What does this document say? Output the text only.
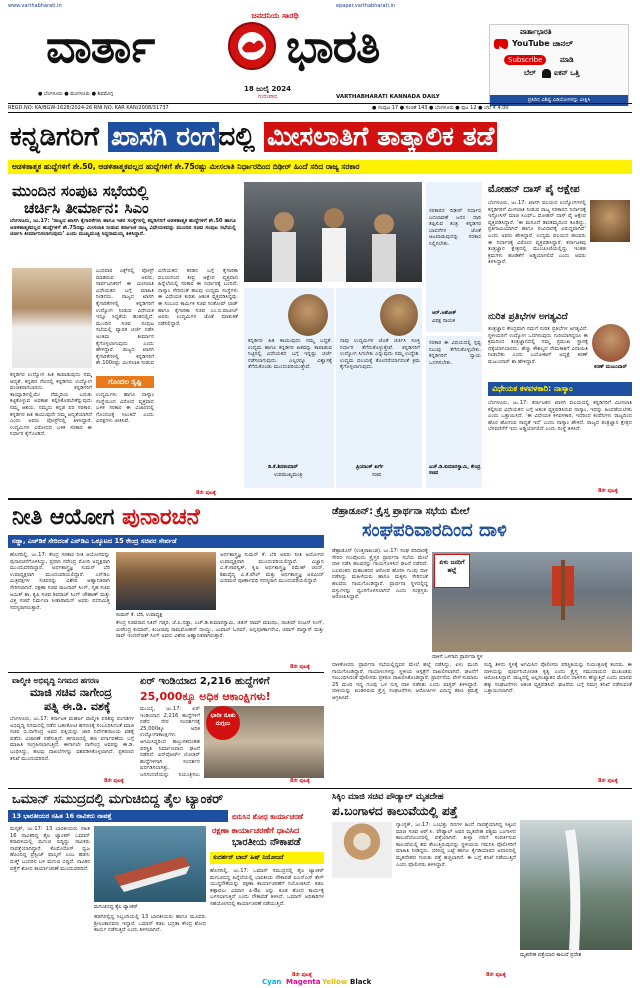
www.varthabharati.in	epaper.varthabharati.in
ಜನದನಿಯ ಸಾರಥಿ
ವಾರ್ತಾ	ಭಾರತಿ
18 ಜುಲೈ 2024
ಗುರುವಾರ
● ಬೆಂಗಳೂರು ● ಮಂಗಳೂರು ● ಶಿವಮೊಗ್ಗ	VARTHABHARATI KANNADA DAILY
ವಾರ್ತಾಭಾರತಿ
YouTube ಚಾನಲ್
Subscribe	ಮಾಡಿ
ಬೆಲ್	ಐಕನ್ ಒತ್ತಿ
ಪ್ರತಿದಿನ ವಿಶಿಷ್ಟ ವಿಡಿಯೋಗಳನ್ನು ವೀಕ್ಷಿಸಿ
REGD.NO: KA/BGW-1628/2024-26 RNI NO. KAR KAN/2008/31737	● ಸಂಪುಟ 17 ● ಸಂಚಿಕೆ 143 ● ಬೆಂಗಳೂರು ● ಪುಟ 12 ● ಬೆಲೆ ₹ 4.00
ಕನ್ನಡಿಗರಿಗೆ ಖಾಸಗಿ ರಂಗ ದಲ್ಲಿ ಮೀಸಲಾತಿಗೆ ತಾತ್ಕಾಲಿಕ ತಡೆ
ಆಡಳಿತಾತ್ಮಕ ಹುದ್ದೆಗಳಿಗೆ ಶೇ.50, ಆಡಳಿತಾತ್ಮಕವಲ್ಲದ ಹುದ್ದೆಗಳಿಗೆ ಶೇ.75ರಷ್ಟು ಮೀಸಲಾತಿ ನಿರ್ಧಾರದಿಂದ ದಿಢೀರ್ ಹಿಂದೆ ಸರಿದ ರಾಜ್ಯ ಸರಕಾರ
ಮುಂದಿನ ಸಂಪುಟ ಸಭೆಯಲ್ಲಿ
ಚರ್ಚಿಸಿ ತೀರ್ಮಾನ: ಸಿಎಂ
ಬೆಂಗಳೂರು, ಜು.17: ‘ರಾಜ್ಯದ ಖಾಸಗಿ ಕೈಗಾರಿಕೆಗಳು ಹಾಗೂ ಇತರ ಸಂಸ್ಥೆಗಳಲ್ಲಿ ಕನ್ನಡಿಗರಿಗೆ ಆಡಳಿತಾತ್ಮಕ ಹುದ್ದೆಗಳಿಗೆ ಶೇ.50 ಹಾಗೂ ಆಡಳಿತಾತ್ಮಕವಲ್ಲದ ಹುದ್ದೆಗಳಿಗೆ ಶೇ.75ರಷ್ಟು ಮೀಸಲಾತಿ ನೀಡುವ ಕರ್ನಾಟಕ ರಾಜ್ಯ ವಿಧೇಯಕವನ್ನು ಮುಂದಿನ ಸಚಿವ ಸಂಪುಟ ಸಭೆಯಲ್ಲಿ ಚರ್ಚಿಸಿ ತೀರ್ಮಾನಿಸಲಾಗುವುದು’ ಎಂದು ಮುಖ್ಯಮಂತ್ರಿ ಸಿದ್ದರಾಮಯ್ಯ ತಿಳಿಸಿದ್ದಾರೆ.
ಬುಧವಾರ ಎಕ್ಸ್‌ನಲ್ಲಿ ಪೋಸ್ಟ್ ಮಾಡಿರುವ ಅವರು, ಸಾರ್ವಜನಿಕರಿಗೆ ಈ ಮೀಸಲಾತಿ ವಿಧೇಯಕದ ಬಗ್ಗೆ ಮಾಹಿತಿ ನೀಡಿದರು. ರಾಜ್ಯದ ಖಾಸಗಿ ಕೈಗಾರಿಕೆಗಳಲ್ಲಿ ಕನ್ನಡಿಗರಿಗೆ ಉದ್ಯೋಗ ನೀಡುವ ವಿಧೇಯಕ ಇನ್ನೂ ಸಿದ್ಧತೆಯ ಹಂತದಲ್ಲಿದೆ. ಮುಂದಿನ ಸಚಿವ ಸಂಪುಟ ಸಭೆಯಲ್ಲಿ ವ್ಯಾಪಕ ಚರ್ಚೆ ನಡೆಸಿ ಅಂತಿಮ ತೀರ್ಮಾನ ಕೈಗೊಳ್ಳಲಾಗುವುದು ಎಂದು ಹೇಳಿದ್ದಾರೆ. ರಾಜ್ಯದ ಖಾಸಗಿ ಕೈಗಾರಿಕೆಗಳಲ್ಲಿ ಕನ್ನಡಿಗರಿಗೆ ಶೇ.100ರಷ್ಟು ಮೀಸಲಾತಿ ನೀಡುವ
ಕನ್ನಡಿಗರ ಉದ್ಯೋಗ ಹಿತ ಕಾಪಾಡುವುದು ನಮ್ಮ ಆದ್ಯತೆ. ಕನ್ನಡದ ನೆಲದಲ್ಲಿ ಕನ್ನಡಿಗರು ಉದ್ಯೋಗ ವಂಚಿತರಾಗಬಾರದು. ಕನ್ನಡಿಗರಿಗೆ ತಾಯ್ನಾಡಿನಲ್ಲಿಯೇ ನೆಮ್ಮದಿಯ ಬದುಕು ಕಟ್ಟಿಕೊಳ್ಳುವ ಅವಕಾಶ ಕಲ್ಪಿಸಿಕೊಡಬೇಕೆನ್ನುವುದು ನಮ್ಮ ಆಶಯ. ನಮ್ಮದು ಕನ್ನಡ ಪರ ಸರಕಾರ. ಕನ್ನಡಿಗರ ಹಿತ ಕಾಯುವುದೇ ನಮ್ಮ ಆದ್ಯತೆಯಾಗಿದೆ ಎಂದು ಅವರು ಪೋಸ್ಟ್‌ನಲ್ಲಿ ತಿಳಿಸಿದ್ದಾರೆ. ಉದ್ಯಮಿಗಳ ವಿರೋಧದ ಬಳಿಕ ಸರಕಾರ ಈ ನಿರ್ಧಾರ ಕೈಗೊಂಡಿದೆ.
ಗೊಂದಲ ಸೃಷ್ಟಿ
ಉದ್ಯಮಿಗಳು ಹಾಗೂ ನಾಸ್ಕಾಂ ಸಂಸ್ಥೆಯಿಂದ ವಿರೋಧ ವ್ಯಕ್ತವಾದ ಬಳಿಕ ಸರಕಾರ ಈ ವಿಚಾರದಲ್ಲಿ ಗೊಂದಲಕ್ಕೆ ಸಿಲುಕಿದೆ ಎಂದು ವಿಪಕ್ಷಗಳು ಟೀಕಿಸಿವೆ.
ವಿಧೇಯಕದ ಕರಡಿನ ಬಗ್ಗೆ ಕೈಗಾರಿಕಾ ವಲಯದಿಂದ ತೀವ್ರ ಆಕ್ಷೇಪ ವ್ಯಕ್ತವಾದ ಹಿನ್ನೆಲೆಯಲ್ಲಿ ಸರಕಾರ ಈ ನಿರ್ಧಾರಕ್ಕೆ ಬಂದಿದೆ. ನಾಸ್ಕಾಂ ಸೇರಿದಂತೆ ಹಲವು ಉದ್ಯಮ ಸಂಸ್ಥೆಗಳು ಈ ವಿಧೇಯಕ ಕುರಿತು ಆತಂಕ ವ್ಯಕ್ತಪಡಿಸಿದ್ದವು. ಈ ಸಂಬಂಧ ಕಾರ್ಮಿಕ ಸಚಿವ ಸಂತೋಷ್ ಲಾಡ್ ಹಾಗೂ ಕೈಗಾರಿಕಾ ಸಚಿವ ಎಂ.ಬಿ.ಪಾಟೀಲ್ ಅವರು ಉದ್ಯಮಿಗಳ ಜೊತೆ ಮಾತುಕತೆ ನಡೆಸಲಿದ್ದಾರೆ.
8ರೇ ಪುಟಕ್ಕೆ
ಕನ್ನಡಿಗರ ಹಿತ ಕಾಯುವುದು ನಮ್ಮ ಬದ್ಧತೆ. ಉದ್ಯಮ ಹಾಗೂ ಕನ್ನಡಿಗರ ಹಿತವನ್ನು ಕಾಪಾಡುವ ನಿಟ್ಟಿನಲ್ಲಿ ವಿಧೇಯಕದ ಬಗ್ಗೆ ಇನ್ನಷ್ಟು ಚರ್ಚೆ ನಡೆಸಲಾಗುವುದು. ಎಲ್ಲರನ್ನೂ ವಿಶ್ವಾಸಕ್ಕೆ ತೆಗೆದುಕೊಂಡು ಮುಂದುವರಿಯುತ್ತೇವೆ.
ಡಿ.ಕೆ.ಶಿವಕುಮಾರ್
ಉಪಮುಖ್ಯಮಂತ್ರಿ
ನಾವು ಉದ್ಯಮಿಗಳ ಜೊತೆ ಚರ್ಚಿಸಿ ಸೂಕ್ತ ನಿರ್ಧಾರ ತೆಗೆದುಕೊಳ್ಳುತ್ತೇವೆ. ಕನ್ನಡಿಗರಿಗೆ ಉದ್ಯೋಗ ಸಿಗಬೇಕು ಎನ್ನುವುದು ನಮ್ಮ ಉದ್ದೇಶ. ಉದ್ಯಮ ವಲಯಕ್ಕೆ ತೊಂದರೆಯಾಗದಂತೆ ಕ್ರಮ ಕೈಗೊಳ್ಳಲಾಗುವುದು.
ಪ್ರಿಯಾಂಕ್ ಖರ್ಗೆ
ಸಚಿವ
ಸರಕಾರದ ದಿಢೀರ್ ನಿರ್ಧಾರ ಬದಲಾವಣೆ ಜನರ ದಾರಿ ತಪ್ಪಿಸುವ ತಂತ್ರ. ಕನ್ನಡಿಗರ ಭಾವನೆಗಳ ಜೊತೆ ಆಟವಾಡುವುದನ್ನು ಸರಕಾರ ನಿಲ್ಲಿಸಬೇಕು.
ಆರ್.ಅಶೋಕ್
ವಿಪಕ್ಷ ನಾಯಕ
ಸರಕಾರ ಈ ವಿಷಯದಲ್ಲಿ ಸ್ಪಷ್ಟ ನಿಲುವು ತೆಗೆದುಕೊಳ್ಳಬೇಕು. ಕನ್ನಡಿಗರಿಗೆ ನ್ಯಾಯ ಒದಗಿಸಬೇಕು.
ಎಚ್.ಡಿ.ಕುಮಾರಸ್ವಾಮಿ, ಕೇಂದ್ರ ಸಚಿವ
ಮೋಹನ್ ದಾಸ್ ಪೈ ಆಕ್ಷೇಪ
ಬೆಂಗಳೂರು, ಜು.17: ಖಾಸಗಿ ವಲಯದ ಉದ್ಯೋಗಗಳಲ್ಲಿ ಕನ್ನಡಿಗರಿಗೆ ಮೀಸಲಾತಿ ನೀಡುವ ರಾಜ್ಯ ಸರಕಾರದ ನಿರ್ಧಾರಕ್ಕೆ ಇನ್ಫೋಸಿಸ್ ಮಾಜಿ ಸಿಎಫ್‌ಒ ಮೋಹನ್ ದಾಸ್ ಪೈ ಆಕ್ಷೇಪ ವ್ಯಕ್ತಪಡಿಸಿದ್ದಾರೆ. ‘ಈ ಮಸೂದೆ ತಾರತಮ್ಯದಿಂದ ಕೂಡಿದ್ದು, ಪ್ರತಿಗಾಮಿಯಾಗಿದೆ ಹಾಗೂ ಸಂವಿಧಾನಕ್ಕೆ ವಿರುದ್ಧವಾಗಿದೆ’ ಎಂದು ಅವರು ಹೇಳಿದ್ದಾರೆ. ಉದ್ಯಮ ವಲಯದ ಹಲವರು ಈ ನಿರ್ಧಾರಕ್ಕೆ ವಿರೋಧ ವ್ಯಕ್ತಪಡಿಸಿದ್ದಾರೆ. ಕರ್ನಾಟಕವು ತಂತ್ರಜ್ಞಾನ ಕ್ಷೇತ್ರದಲ್ಲಿ ಮುಂಚೂಣಿಯಲ್ಲಿದ್ದು ಇಂತಹ ಕ್ರಮಗಳು ಹೂಡಿಕೆಗೆ ಅಡ್ಡಿಯಾಗಲಿವೆ ಎಂದು ಅವರು ತಿಳಿಸಿದ್ದಾರೆ.
ನುರಿತ ಪ್ರತಿಭೆಗಳ ಅಗತ್ಯವಿದೆ
ಕಿರಣ್ ಮಜುಂದಾರ್
ತಂತ್ರಜ್ಞಾನ ಕೇಂದ್ರವಾಗಿ ನಮಗೆ ನುರಿತ ಪ್ರತಿಭೆಗಳ ಅಗತ್ಯವಿದೆ. ಸ್ಥಳೀಯರಿಗೆ ಉದ್ಯೋಗ ಒದಗಿಸುವುದು ಗುರಿಯಾಗಿದ್ದರೂ ಈ ಕ್ರಮದಿಂದ ತಂತ್ರಜ್ಞಾನದಲ್ಲಿ ನಮ್ಮ ಪ್ರಮುಖ ಸ್ಥಾನಕ್ಕೆ ಧಕ್ಕೆಯಾಗಬಾರದು. ಹೆಚ್ಚು ಕೌಶಲ್ಯದ ನೇಮಕಾತಿಗೆ ವಿನಾಯಿತಿ ನೀಡಬೇಕು ಎಂದು ಬಯೋಕಾನ್ ಅಧ್ಯಕ್ಷೆ ಕಿರಣ್ ಮಜುಂದಾರ್ ಶಾ ಹೇಳಿದ್ದಾರೆ.
ವಿಧೇಯಕ ಕಳವಳಕಾರಿ: ನಾಸ್ಕಾಂ
ಬೆಂಗಳೂರು, ಜು.17: ಕರ್ನಾಟಕದ ಖಾಸಗಿ ವಲಯದಲ್ಲಿ ಕನ್ನಡಿಗರಿಗೆ ಮೀಸಲಾತಿ ಕಲ್ಪಿಸುವ ವಿಧೇಯಕದ ಬಗ್ಗೆ ಆತಂಕ ವ್ಯಕ್ತಪಡಿಸಿರುವ ನಾಸ್ಕಾಂ, ಇದನ್ನು ಹಿಂಪಡೆಯಬೇಕು ಎಂದು ಒತ್ತಾಯಿಸಿದೆ. ‘ಈ ವಿಧೇಯಕ ಕಳವಳಕಾರಿ, ಇದರಿಂದ ಕಂಪೆನಿಗಳು ರಾಜ್ಯದಿಂದ ಹೊರ ಹೋಗುವ ಸಾಧ್ಯತೆ ಇದೆ’ ಎಂದು ನಾಸ್ಕಾಂ ಹೇಳಿದೆ. ರಾಜ್ಯದ ತಂತ್ರಜ್ಞಾನ ಕ್ಷೇತ್ರದ ಬೆಳವಣಿಗೆಗೆ ಇದು ಅಡ್ಡಿಯಾಗಲಿದೆ ಎಂದು ಸಂಸ್ಥೆ ತಿಳಿಸಿದೆ.
8ರೇ ಪುಟಕ್ಕೆ
ನೀತಿ ಆಯೋಗ ಪುನಾರಚನೆ
ನಡ್ಡಾ, ಎಚ್‌ಡಿಕೆ ಸೇರಿದಂತೆ ಎನ್‌ಡಿಎ ಒಕ್ಕೂಟದ 15 ಕೇಂದ್ರ ಸಚಿವರ ಸೇರ್ಪಡೆ
ಹೊಸದಿಲ್ಲಿ, ಜು.17: ಕೇಂದ್ರ ಸರಕಾರ ನೀತಿ ಆಯೋಗವನ್ನು ಪುನಾರಚನೆಗೊಳಿಸಿದ್ದು, ಪ್ರಧಾನಿ ನರೇಂದ್ರ ಮೋದಿ ಅಧ್ಯಕ್ಷರಾಗಿ ಮುಂದುವರಿದಿದ್ದಾರೆ. ಅರ್ಥಶಾಸ್ತ್ರಜ್ಞ ಸುಮನ್ ಬೆರಿ ಉಪಾಧ್ಯಕ್ಷರಾಗಿ ಮುಂದುವರಿಯಲಿದ್ದಾರೆ. ಎನ್‌ಡಿಎ ಮಿತ್ರಪಕ್ಷಗಳ ಸಚಿವರನ್ನು ವಿಶೇಷ ಆಹ್ವಾನಿತರಾಗಿ ಸೇರಿಸಲಾಗಿದೆ. ರಕ್ಷಣಾ ಸಚಿವ ರಾಜನಾಥ್ ಸಿಂಗ್, ಗೃಹ ಸಚಿವ ಅಮಿತ್ ಶಾ, ಕೃಷಿ ಸಚಿವ ಶಿವರಾಜ್ ಸಿಂಗ್ ಚೌಹಾಣ್ ಮತ್ತು ವಿತ್ತ ಸಚಿವೆ ನಿರ್ಮಲಾ ಸೀತಾರಾಮನ್ ಅವರು ಪದನಿಮಿತ್ತ ಸದಸ್ಯರಾಗಿರುತ್ತಾರೆ.
ಸುಮನ್ ಕೆ. ಬೆರಿ, ಉಪಾಧ್ಯಕ್ಷ
ಅರ್ಥಶಾಸ್ತ್ರಜ್ಞ ಸುಮನ್ ಕೆ. ಬೆರಿ ಅವರು ನೀತಿ ಆಯೋಗದ ಉಪಾಧ್ಯಕ್ಷರಾಗಿ ಮುಂದುವರಿಯಲಿದ್ದಾರೆ. ವಿಜ್ಞಾನಿ ವಿ.ಕೆ.ಸಾರಸ್ವತ್, ಕೃಷಿ ಅರ್ಥಶಾಸ್ತ್ರಜ್ಞ ರಮೇಶ್ ಚಂದ್, ಶಿಶುವೈದ್ಯ ವಿ.ಕೆ.ಪೌಲ್ ಮತ್ತು ಅರ್ಥಶಾಸ್ತ್ರಜ್ಞ ಅರವಿಂದ್ ವೀರಮಣಿ ಪೂರ್ಣಾವಧಿ ಸದಸ್ಯರಾಗಿ ಮುಂದುವರಿಯಲಿದ್ದಾರೆ.
ಕೇಂದ್ರ ಸಚಿವರಾದ ನಿತಿನ್ ಗಡ್ಕರಿ, ಜೆ.ಪಿ.ನಡ್ಡಾ, ಎಚ್.ಡಿ.ಕುಮಾರಸ್ವಾಮಿ, ಜಿತನ್ ರಾಮ್ ಮಾಂಝಿ, ರಾಜೀವ್ ರಂಜನ್ ಸಿಂಗ್, ವೀರೇಂದ್ರ ಕುಮಾರ್, ಕಿಂಜರಾಪು ರಾಮಮೋಹನ್ ನಾಯ್ಡು, ಜುವಾಲ್ ಓರಮ್, ಅನ್ನಪೂರ್ಣಾದೇವಿ, ಚಿರಾಗ್ ಪಾಸ್ವಾನ್ ಮತ್ತು ರಾವ್ ಇಂದರ್‌ಜಿತ್ ಸಿಂಗ್ ಅವರು ವಿಶೇಷ ಆಹ್ವಾನಿತರಾಗಿರುತ್ತಾರೆ.
8ರೇ ಪುಟಕ್ಕೆ
ವಾಲ್ಮೀಕಿ ಅಭಿವೃದ್ಧಿ ನಿಗಮದ ಹಗರಣ
ಮಾಜಿ ಸಚಿವ ನಾಗೇಂದ್ರ
ಪತ್ನಿ ಈ.ಡಿ. ವಶಕ್ಕೆ
ಬೆಂಗಳೂರು, ಜು.17: ಕರ್ನಾಟಕ ಮಹರ್ಷಿ ವಾಲ್ಮೀಕಿ ಪರಿಶಿಷ್ಟ ಪಂಗಡಗಳ ಅಭಿವೃದ್ಧಿ ನಿಗಮದಲ್ಲಿ ನಡೆದ ಬಹುಕೋಟಿ ಹಗರಣಕ್ಕೆ ಸಂಬಂಧಿಸಿದಂತೆ ಮಾಜಿ ಸಚಿವ ಬಿ.ನಾಗೇಂದ್ರ ಅವರ ಪತ್ನಿಯನ್ನು ಜಾರಿ ನಿರ್ದೇಶನಾಲಯ ವಶಕ್ಕೆ ಪಡೆದು ವಿಚಾರಣೆ ನಡೆಸುತ್ತಿದೆ. ಹಗರಣದಲ್ಲಿ ಹಣ ವರ್ಗಾವಣೆಯ ಬಗ್ಗೆ ಮಾಹಿತಿ ಸಂಗ್ರಹಿಸಲಾಗುತ್ತಿದೆ. ಈಗಾಗಲೇ ನಾಗೇಂದ್ರ ಅವರನ್ನು ಈ.ಡಿ. ಬಂಧಿಸಿದ್ದು, ಹಲವು ದಾಖಲೆಗಳನ್ನು ವಶಪಡಿಸಿಕೊಳ್ಳಲಾಗಿದೆ. ಪ್ರಕರಣದ ತನಿಖೆ ಮುಂದುವರಿದಿದೆ.
8ರೇ ಪುಟಕ್ಕೆ
ಏರ್ ಇಂಡಿಯಾದ 2,216 ಹುದ್ದೆಗಳಿಗೆ
25,000ಕ್ಕೂ ಅಧಿಕ ಆಕಾಂಕ್ಷಿಗಳು!
ಮುಂಬೈ, ಜು.17: ಏರ್ ಇಂಡಿಯಾದ 2,216 ಹುದ್ದೆಗಳಿಗೆ ನಡೆದ ನೇರ ಸಂದರ್ಶನಕ್ಕೆ 25,000ಕ್ಕೂ ಅಧಿಕ ಉದ್ಯೋಗಾಕಾಂಕ್ಷಿಗಳು ಆಗಮಿಸಿದ್ದರಿಂದ ಕಾಲ್ತುಳಿತದಂತಹ ಪರಿಸ್ಥಿತಿ ನಿರ್ಮಾಣವಾದ ಘಟನೆ ನಡೆದಿದೆ. ಏರ್‌ಪೋರ್ಟ್ ಲೋಡರ್ ಹುದ್ದೆಗಳಿಗಾಗಿ ಸಂದರ್ಶನ ಏರ್ಪಡಿಸಲಾಗಿತ್ತು. ಜನಸಂದಣಿಯನ್ನು ನಿಯಂತ್ರಿಸಲು
ಭಾರೀ ನೂಕು ನುಗ್ಗಲು
8ರೇ ಪುಟಕ್ಕೆ
ಡೆಹ್ರಾಡೂನ್: ಕ್ರೈಸ್ತ ಪ್ರಾರ್ಥನಾ ಸಭೆಯ ಮೇಲೆ
ಸಂಘಪರಿವಾರದಿಂದ ದಾಳಿ
ಡೆಹ್ರಾಡೂನ್ (ಉತ್ತರಾಖಂಡ), ಜು.17: ಸಂಘ ಪರಿವಾರಕ್ಕೆ ಸೇರಿದ ಗುಂಪೊಂದು ಕ್ರೈಸ್ತರ ಪ್ರಾರ್ಥನಾ ಸಭೆಯ ಮೇಲೆ ದಾಳಿ ನಡೆಸಿ ಹಲವರನ್ನು ಗಾಯಗೊಳಿಸಿದ ಘಟನೆ ನಡೆದಿದೆ. ಬಲವಂತದ ಮತಾಂತರದ ಆರೋಪ ಹೊರಿಸಿ ಗುಂಪು ದಾಳಿ ನಡೆಸಿದ್ದು ಮಹಿಳೆಯರು ಹಾಗೂ ಮಕ್ಕಳು ಸೇರಿದಂತೆ ಹಲವರು ಗಾಯಗೊಂಡಿದ್ದಾರೆ. ಪ್ರಾರ್ಥನಾ ಸ್ಥಳದಲ್ಲಿದ್ದ ವಸ್ತುಗಳನ್ನು ಧ್ವಂಸಗೊಳಿಸಲಾಗಿದೆ ಎಂದು ಸಂತ್ರಸ್ತರು ಆರೋಪಿಸಿದ್ದಾರೆ.
ಏಳು ಜನರಿಗೆ ಹಲ್ಲೆ
ದಾಳಿಗೆ ಒಳಗಾದ ಪ್ರಾರ್ಥನಾ ಸ್ಥಳ
ದಾಳಿಕೋರರು ಪ್ರಾರ್ಥನಾ ಸಭೆಯಲ್ಲಿದ್ದವರ ಮೇಲೆ ಹಲ್ಲೆ ನಡೆಸಿದ್ದು, ಏಳು ಮಂದಿ ಗಾಯಗೊಂಡಿದ್ದಾರೆ. ಗಾಯಾಳುಗಳನ್ನು ಸ್ಥಳೀಯ ಆಸ್ಪತ್ರೆಗೆ ದಾಖಲಿಸಲಾಗಿದೆ. ಘಟನೆಗೆ ಸಂಬಂಧಿಸಿದಂತೆ ಪೊಲೀಸರು ಪ್ರಕರಣ ದಾಖಲಿಸಿಕೊಂಡಿದ್ದಾರೆ. ಪ್ರಾರ್ಥನೆಯ ವೇಳೆ ಸುಮಾರು 25 ಮಂದಿ ಇದ್ದ ಗುಂಪು ಒಳ ನುಗ್ಗಿ ದಾಳಿ ನಡೆಸಿತು ಎಂದು ಪಾಸ್ಟರ್ ತಿಳಿಸಿದ್ದಾರೆ. ದಾಳಿಯನ್ನು ಖಂಡಿಸಿರುವ ಕ್ರೈಸ್ತ ಸಂಘಟನೆಗಳು ಆರೋಪಿಗಳ ವಿರುದ್ಧ ಕಠಿಣ ಕ್ರಮಕ್ಕೆ ಆಗ್ರಹಿಸಿವೆ.
ಸುದ್ದಿ ತಿಳಿದು ಸ್ಥಳಕ್ಕೆ ಆಗಮಿಸಿದ ಪೊಲೀಸರು ಪರಿಸ್ಥಿತಿಯನ್ನು ನಿಯಂತ್ರಣಕ್ಕೆ ತಂದರು. ಈ ದಾಳಿಯನ್ನು ಪೂರ್ವನಿಯೋಜಿತ ಕೃತ್ಯ ಎಂದು ಕ್ರೈಸ್ತ ಸಮುದಾಯದ ಮುಖಂಡರು ಆರೋಪಿಸಿದ್ದಾರೆ. ರಾಜ್ಯದಲ್ಲಿ ಅಲ್ಪಸಂಖ್ಯಾತರ ಮೇಲಿನ ದಾಳಿಗಳು ಹೆಚ್ಚುತ್ತಿವೆ ಎಂದು ಮಾನವ ಹಕ್ಕು ಸಂಘಟನೆಗಳು ಆತಂಕ ವ್ಯಕ್ತಪಡಿಸಿವೆ. ಘಟನೆಯ ಬಗ್ಗೆ ಸಮಗ್ರ ತನಿಖೆ ನಡೆಸುವಂತೆ ಒತ್ತಾಯಿಸಲಾಗಿದೆ.
8ರೇ ಪುಟಕ್ಕೆ
ಒಮಾನ್ ಸಮುದ್ರದಲ್ಲಿ ಮಗುಚಿಬಿದ್ದ ತೈಲ ಟ್ಯಾಂಕರ್
13 ಭಾರತೀಯರ ಸಹಿತ 16 ನಾವಿಕರು ನಾಪತ್ತೆ	ಬಿರುಸಿನ ಶೋಧ ಕಾರ್ಯಾಚರಣೆ
ಮಸ್ಕತ್, ಜು.17: 13 ಭಾರತೀಯರು ಸಹಿತ 16 ನಾವಿಕರಿದ್ದ ತೈಲ ಟ್ಯಾಂಕರ್ ಒಮಾನ್ ಕರಾವಳಿಯಲ್ಲಿ ಮಗುಚಿ ಬಿದ್ದಿದ್ದು ನಾವಿಕರು ನಾಪತ್ತೆಯಾಗಿದ್ದಾರೆ. ಕೊಮೊರೊಸ್ ಧ್ವಜ ಹೊಂದಿದ್ದ ಪ್ರೆಸ್ಟೀಜ್ ಫಾಲ್ಕನ್ ಎಂಬ ಹಡಗು ದುಕ್ಮ್ ಬಂದರಿನ ಬಳಿ ಮಗುಚಿ ಬಿದ್ದಿದೆ. ನಾವಿಕರ ಪತ್ತೆಗೆ ಶೋಧ ಕಾರ್ಯಾಚರಣೆ ಮುಂದುವರಿದಿದೆ.
ಮಗುಚಿಬಿದ್ದ ತೈಲ ಟ್ಯಾಂಕರ್
ಹಡಗಿನಲ್ಲಿದ್ದ ಸಿಬ್ಬಂದಿಯಲ್ಲಿ 13 ಭಾರತೀಯರು ಹಾಗೂ ಮೂವರು ಶ್ರೀಲಂಕಾದವರು ಇದ್ದಾರೆ. ಒಮಾನ್ ಕಡಲ ಭದ್ರತಾ ಕೇಂದ್ರ ಶೋಧ ಕಾರ್ಯ ನಡೆಸುತ್ತಿದೆ ಎಂದು ತಿಳಿಸಲಾಗಿದೆ.
ರಕ್ಷಣಾ ಕಾರ್ಯಾಚರಣೆಗೆ ಧಾವಿಸಿದ
ಭಾರತೀಯ ನೌಕಾಪಡೆ
ಸುದರ್ಶನ್ ಬಾಬ್ ಹಿಷ್ ನಿಯೋಜನೆ
ಹೊಸದಿಲ್ಲಿ, ಜು.17: ಒಮಾನ್ ಸಮುದ್ರದಲ್ಲಿ ತೈಲ ಟ್ಯಾಂಕರ್ ಮಗುಚಿಬಿದ್ದ ಹಿನ್ನೆಲೆಯಲ್ಲಿ ಭಾರತೀಯ ನೌಕಾಪಡೆ ಐಎನ್‌ಎಸ್ ತೇಗ್ ಯುದ್ಧನೌಕೆಯನ್ನು ರಕ್ಷಣಾ ಕಾರ್ಯಾಚರಣೆಗೆ ನಿಯೋಜಿಸಿದೆ. ಕಡಲ ಕಣ್ಗಾವಲು ವಿಮಾನ ಪಿ-8ಐ ಅನ್ನು ಕೂಡ ಶೋಧ ಕಾರ್ಯಕ್ಕೆ ಬಳಸಲಾಗುತ್ತಿದೆ ಎಂದು ನೌಕಾಪಡೆ ತಿಳಿಸಿದೆ. ಒಮಾನ್ ಅಧಿಕಾರಿಗಳ ಸಹಯೋಗದಲ್ಲಿ ಕಾರ್ಯಾಚರಣೆ ನಡೆಯುತ್ತಿದೆ.
8ರೇ ಪುಟಕ್ಕೆ
ಸಿಕ್ಕಿಂ ಮಾಜಿ ಸಚಿವ ಪೌಡ್ಯಾಲ್ ಮೃತದೇಹ
ಪ.ಬಂಗಾಳದ ಕಾಲುವೆಯಲ್ಲಿ ಪತ್ತೆ
ಗ್ಯಾಂಗ್ಟಕ್, ಜು.17: ಒಂಭತ್ತು ದಿನಗಳ ಹಿಂದೆ ನಾಪತ್ತೆಯಾಗಿದ್ದ ಸಿಕ್ಕಿಂನ ಮಾಜಿ ಸಚಿವ ಆರ್.ಸಿ. ಪೌಡ್ಯಾಲ್ ಅವರ ಮೃತದೇಹ ಪಶ್ಚಿಮ ಬಂಗಾಳದ ಕಾಲುವೆಯೊಂದರಲ್ಲಿ ಪತ್ತೆಯಾಗಿದೆ. ತೀಸ್ತಾ ನದಿಗೆ ಸಂಪರ್ಕಿಸುವ ಕಾಲುವೆಯಲ್ಲಿ ಶವ ತೇಲುತ್ತಿರುವುದನ್ನು ಸ್ಥಳೀಯರು ಗಮನಿಸಿ ಪೊಲೀಸರಿಗೆ ಮಾಹಿತಿ ನೀಡಿದ್ದರು. ಧರಿಸಿದ್ದ ಬಟ್ಟೆ ಹಾಗೂ ಕೈಗಡಿಯಾರದ ಆಧಾರದಲ್ಲಿ ಮೃತದೇಹದ ಗುರುತು ಪತ್ತೆ ಹಚ್ಚಲಾಗಿದೆ. ಈ ಬಗ್ಗೆ ತನಿಖೆ ನಡೆಯುತ್ತಿದೆ ಎಂದು ಪೊಲೀಸರು ತಿಳಿಸಿದ್ದಾರೆ.
ಮೃತದೇಹ ಪತ್ತೆಯಾದ ಕಾಲುವೆ ಪ್ರದೇಶ
8ರೇ ಪುಟಕ್ಕೆ
Cyan Magenta Yellow Black
